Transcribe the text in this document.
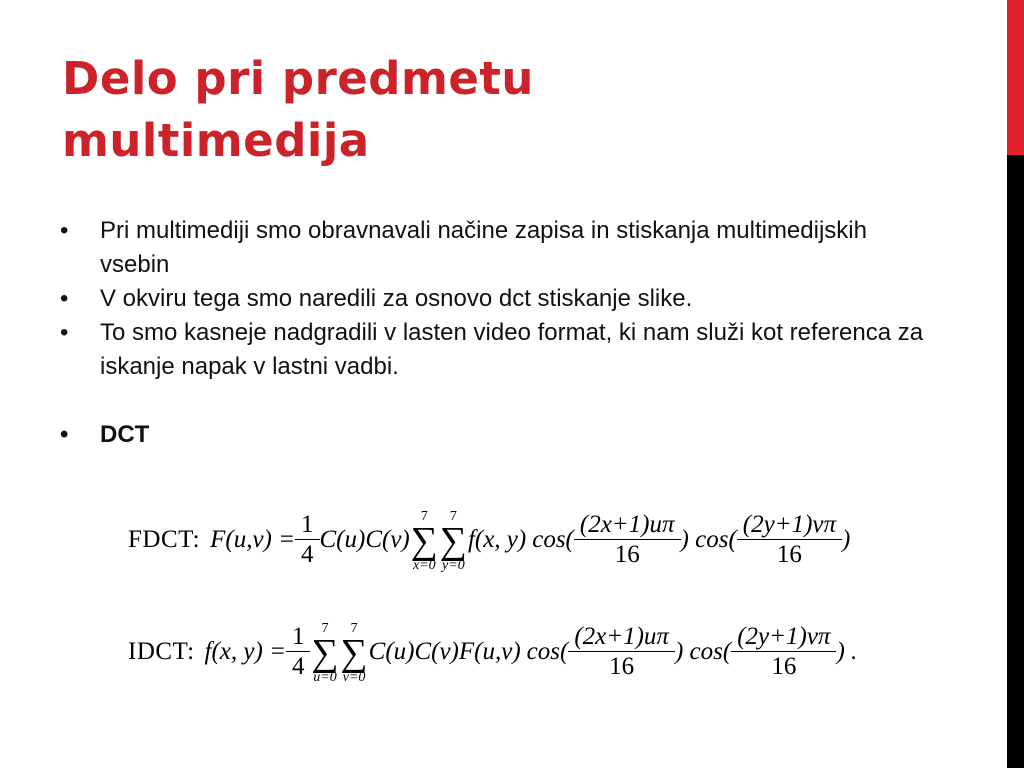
Delo pri predmetu multimedija
•	Pri multimediji smo obravnavali načine zapisa in stiskanja multimedijskih vsebin
•	V okviru tega smo naredili za osnovo dct stiskanje slike.
•	To smo kasneje nadgradili v lasten video format, ki nam služi kot referenca za iskanje napak v lastni vadbi.
•	DCT
FDCT: $F(u,v) = \frac{1}{4} C(u)C(v)$
7
∑
x=0
7
∑
y=0
f(x, y) $\cos( \frac{(2x+1)u\pi}{16}$ ) $\cos( \frac{(2y+1)v\pi}{16}$ )
IDCT: f(x, $y) = \frac{1}{4} 7$
∑
u=0
7
∑
v=0
C(u)C(v)F(u,v) $\cos( \frac{(2x+1)u\pi}{16}$ ) $\cos( \frac{(2y+1)v\pi}{16}$ ) .
